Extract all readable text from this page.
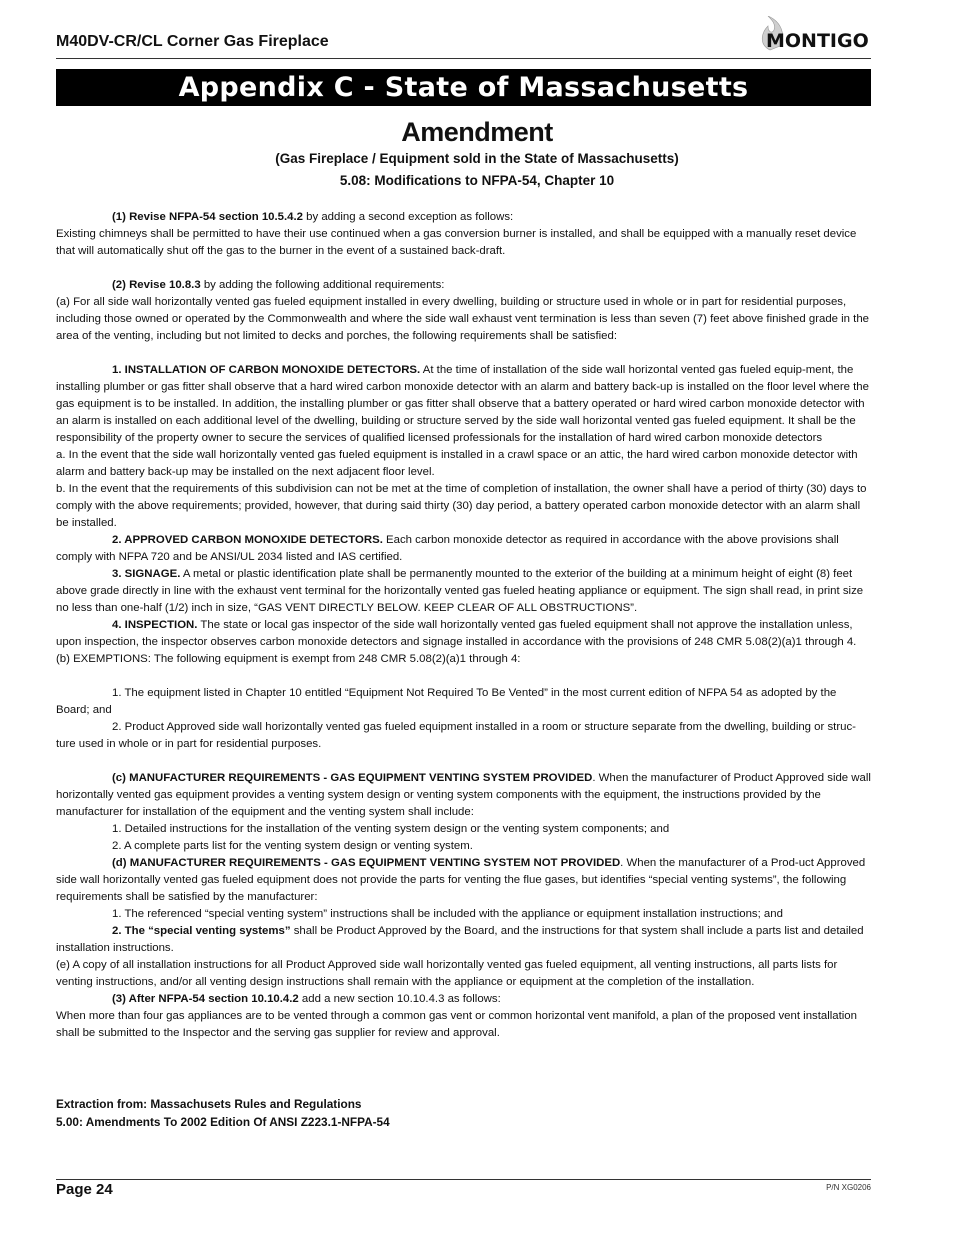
M40DV-CR/CL Corner Gas Fireplace	MONTIGO
Appendix C - State of Massachusetts
Amendment
(Gas Fireplace / Equipment sold in the State of Massachusetts)
5.08: Modifications to NFPA-54, Chapter 10

(1) Revise NFPA-54 section 10.5.4.2 by adding a second exception as follows:

Existing chimneys shall be permitted to have their use continued when a gas conversion burner is installed, and shall be equipped with a manually reset device that will automatically shut off the gas to the burner in the event of a sustained back-draft.

(2) Revise 10.8.3 by adding the following additional requirements:

(a) For all side wall horizontally vented gas fueled equipment installed in every dwelling, building or structure used in whole or in part for residential purposes, including those owned or operated by the Commonwealth and where the side wall exhaust vent termination is less than seven (7) feet above finished grade in the area of the venting, including but not limited to decks and porches, the following requirements shall be satisfied:

1. INSTALLATION OF CARBON MONOXIDE DETECTORS. At the time of installation of the side wall horizontal vented gas fueled equip-ment, the installing plumber or gas fitter shall observe that a hard wired carbon monoxide detector with an alarm and battery back-up is installed on the floor level where the gas equipment is to be installed. In addition, the installing plumber or gas fitter shall observe that a battery operated or hard wired carbon monoxide detector with an alarm is installed on each additional level of the dwelling, building or structure served by the side wall horizontal vented gas fueled equipment. It shall be the responsibility of the property owner to secure the services of qualified licensed professionals for the installation of hard wired carbon monoxide detectors

a. In the event that the side wall horizontally vented gas fueled equipment is installed in a crawl space or an attic, the hard wired carbon monoxide detector with alarm and battery back-up may be installed on the next adjacent floor level.

b. In the event that the requirements of this subdivision can not be met at the time of completion of installation, the owner shall have a period of thirty (30) days to comply with the above requirements; provided, however, that during said thirty (30) day period, a battery operated carbon monoxide detector with an alarm shall be installed.

2. APPROVED CARBON MONOXIDE DETECTORS. Each carbon monoxide detector as required in accordance with the above provisions shall comply with NFPA 720 and be ANSI/UL 2034 listed and IAS certified.

3. SIGNAGE. A metal or plastic identification plate shall be permanently mounted to the exterior of the building at a minimum height of eight (8) feet above grade directly in line with the exhaust vent terminal for the horizontally vented gas fueled heating appliance or equipment. The sign shall read, in print size no less than one-half (1/2) inch in size, “GAS VENT DIRECTLY BELOW. KEEP CLEAR OF ALL OBSTRUCTIONS”.

4. INSPECTION. The state or local gas inspector of the side wall horizontally vented gas fueled equipment shall not approve the installation unless, upon inspection, the inspector observes carbon monoxide detectors and signage installed in accordance with the provisions of 248 CMR 5.08(2)(a)1 through 4.

(b) EXEMPTIONS: The following equipment is exempt from 248 CMR 5.08(2)(a)1 through 4:

1. The equipment listed in Chapter 10 entitled “Equipment Not Required To Be Vented” in the most current edition of NFPA 54 as adopted by the Board; and

2. Product Approved side wall horizontally vented gas fueled equipment installed in a room or structure separate from the dwelling, building or struc-ture used in whole or in part for residential purposes.

(c) MANUFACTURER REQUIREMENTS - GAS EQUIPMENT VENTING SYSTEM PROVIDED. When the manufacturer of Product Approved side wall horizontally vented gas equipment provides a venting system design or venting system components with the equipment, the instructions provided by the manufacturer for installation of the equipment and the venting system shall include:

1. Detailed instructions for the installation of the venting system design or the venting system components; and

2. A complete parts list for the venting system design or venting system.

(d) MANUFACTURER REQUIREMENTS - GAS EQUIPMENT VENTING SYSTEM NOT PROVIDED. When the manufacturer of a Prod-uct Approved side wall horizontally vented gas fueled equipment does not provide the parts for venting the flue gases, but identifies “special venting systems”, the following requirements shall be satisfied by the manufacturer:

1. The referenced “special venting system” instructions shall be included with the appliance or equipment installation instructions; and

2. The “special venting systems” shall be Product Approved by the Board, and the instructions for that system shall include a parts list and detailed installation instructions.

(e) A copy of all installation instructions for all Product Approved side wall horizontally vented gas fueled equipment, all venting instructions, all parts lists for venting instructions, and/or all venting design instructions shall remain with the appliance or equipment at the completion of the installation.

(3) After NFPA-54 section 10.10.4.2 add a new section 10.10.4.3 as follows:

When more than four gas appliances are to be vented through a common gas vent or common horizontal vent manifold, a plan of the proposed vent installation shall be submitted to the Inspector and the serving gas supplier for review and approval.

Extraction from: Massachusets Rules and Regulations
5.00: Amendments To 2002 Edition Of ANSI Z223.1-NFPA-54
Page 24	P/N XG0206
